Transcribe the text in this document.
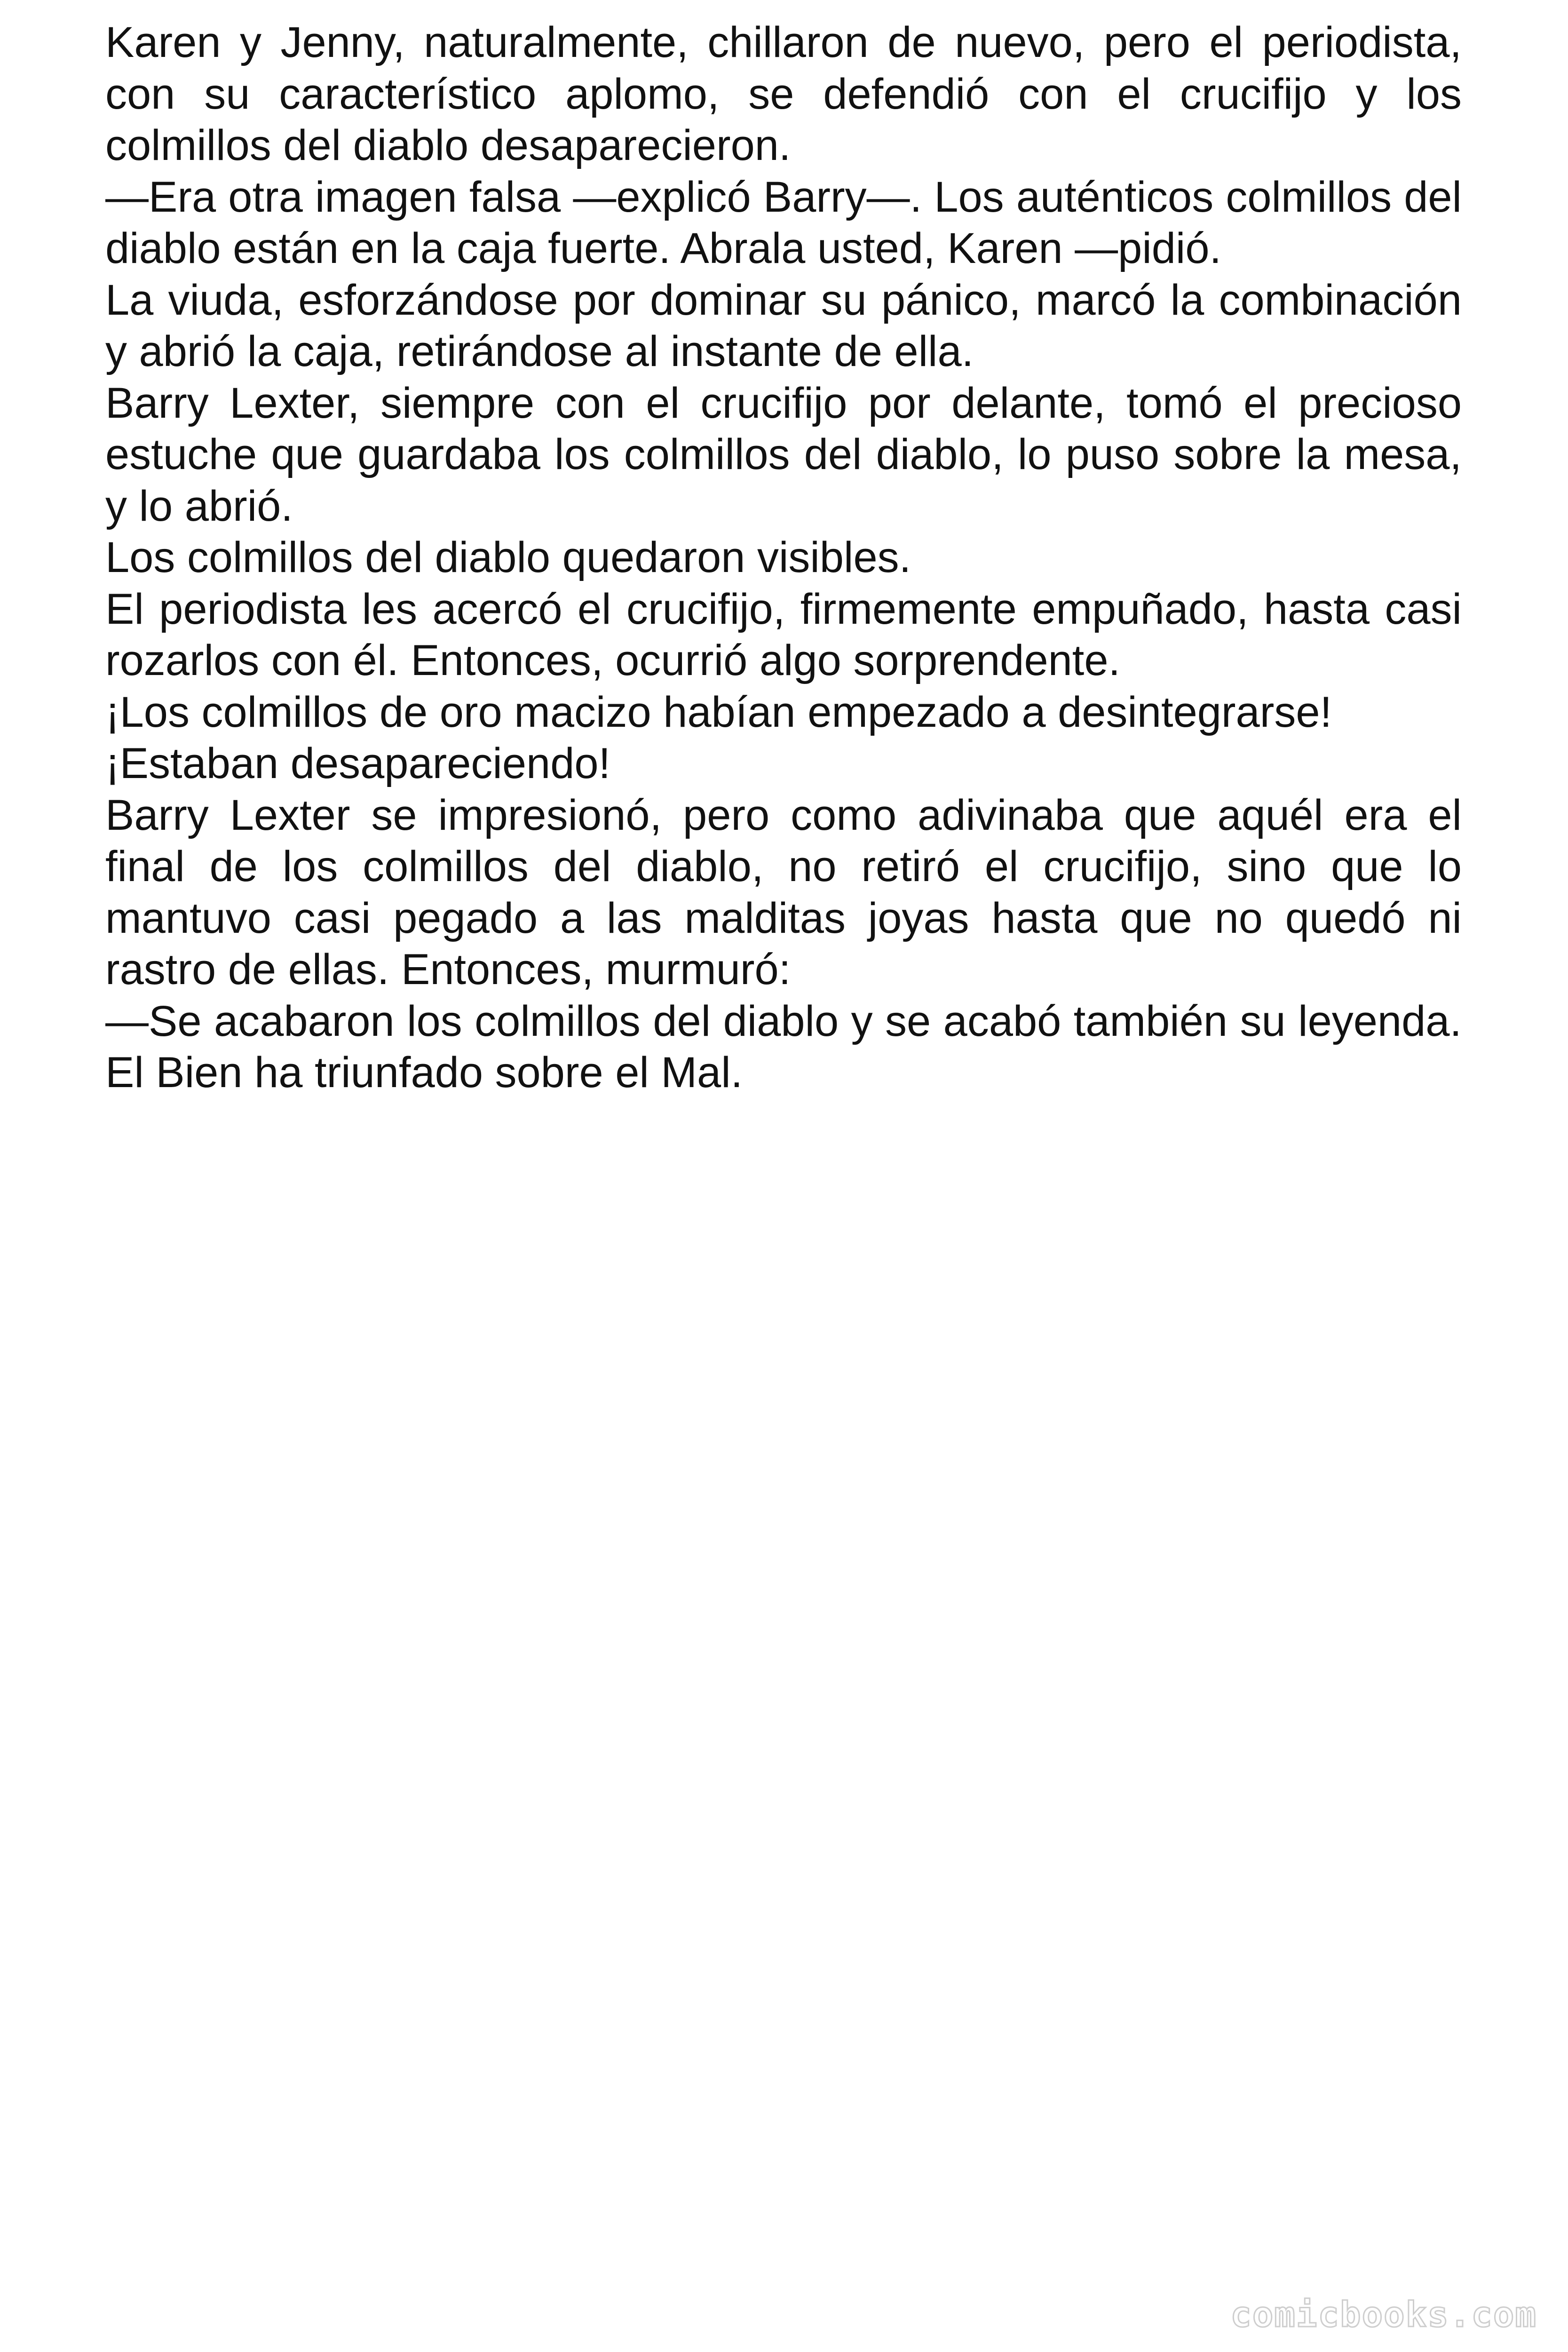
Karen y Jenny, naturalmente, chillaron de nuevo, pero el periodista, con su característico aplomo, se defendió con el crucifijo y los colmillos del diablo desaparecieron.

—Era otra imagen falsa —explicó Barry—. Los auténticos colmillos del diablo están en la caja fuerte. Abrala usted, Karen —pidió.

La viuda, esforzándose por dominar su pánico, marcó la combinación y abrió la caja, retirándose al instante de ella.

Barry Lexter, siempre con el crucifijo por delante, tomó el precioso estuche que guardaba los colmillos del diablo, lo puso sobre la mesa, y lo abrió.

Los colmillos del diablo quedaron visibles.

El periodista les acercó el crucifijo, firmemente empuñado, hasta casi rozarlos con él. Entonces, ocurrió algo sorprendente.

¡Los colmillos de oro macizo habían empezado a desintegrarse!

¡Estaban desapareciendo!

Barry Lexter se impresionó, pero como adivinaba que aquél era el final de los colmillos del diablo, no retiró el crucifijo, sino que lo mantuvo casi pegado a las malditas joyas hasta que no quedó ni rastro de ellas. Entonces, murmuró:

—Se acabaron los colmillos del diablo y se acabó también su leyenda. El Bien ha triunfado sobre el Mal.

comicbooks.com
